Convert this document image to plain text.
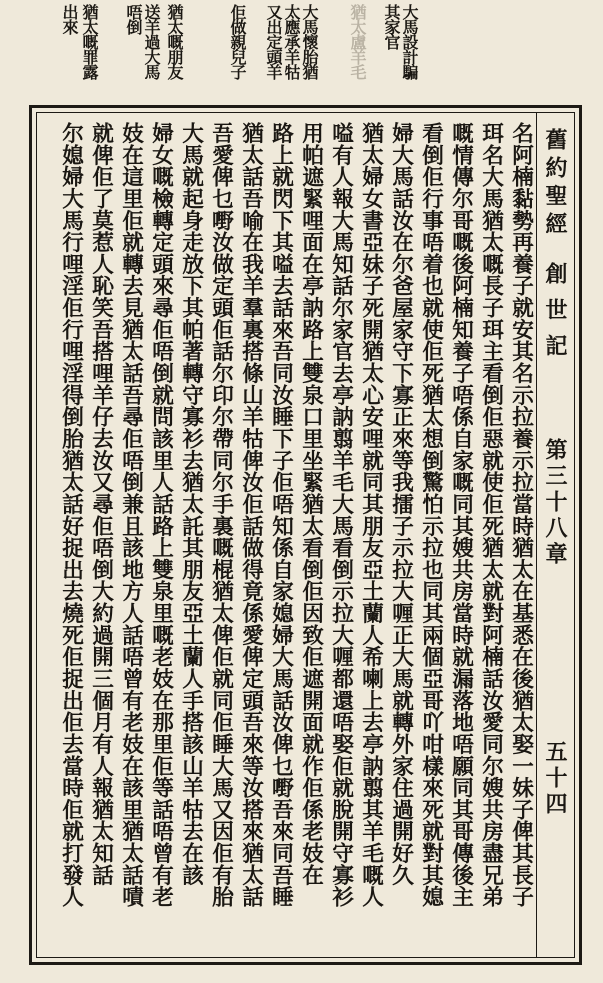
大馬設計騙
其家官
猶太盧羊毛
大馬懷胎猶
太應承羊牯
又出定頭羊
佢做親兒子
猶太嘅朋友
唔倒 送羊過大馬
猶太嘅罪露
出來
舊約聖經
創世記
第三十八章
五十四
名阿楠黏勢再養子就安其名示拉養示拉當時猶太在基悉在後猶太娶一妹子俾其長子
珥名大馬猶太嘅長子珥主看倒佢惡就使佢死猶太就對阿楠話汝愛同尔嫂共房盡兄弟
嘅情傳尔哥嘅後阿楠知養子唔係自家嘅同其嫂共房當時就漏落地唔願同其哥傳後主
看倒佢行事唔着也就使佢死猶太想倒驚怕示拉也同其兩個亞哥吖咁樣來死就對其媳
婦大馬話汝在尔爸屋家守下寡正來等我擂子示拉大喱正大馬就轉外家住過開好久
猶太婦女書亞妹子死開猶太心安哩就同其朋友亞土蘭人希喇上去亭訥翦其羊毛嘅人
嗌有人報大馬知話尔家官去亭訥翦羊毛大馬看倒示拉大喱都還唔娶佢就脫開守寡衫
用帕遮緊哩面在亭訥路上雙泉口里坐緊猶太看倒佢因致佢遮開面就作佢係老妓在
路上就閃下其嗌去話來吾同汝睡下子佢唔知係自家媳婦大馬話汝俾乜嘢吾來同吾睡
猶太話吾喻在我羊羣裏搭條山羊牯俾汝佢話做得竟係愛俾定頭吾來等汝搭來猶太話
吾愛俾乜嘢汝做定頭佢話尔印尔帶同尔手裏嘅棍猶太俾佢就同佢睡大馬又因佢有胎
大馬就起身走放下其帕著轉守寡衫去猶太託其朋友亞土蘭人手搭該山羊牯去在該
婦女嘅檢轉定頭來尋佢唔倒就問該里人話路上雙泉里嘅老妓在那里佢等話唔曾有老
妓在這里佢就轉去見猶太話吾尋佢唔倒兼且該地方人話唔曾有老妓在該里猶太話嘖
就俾佢了莫惹人恥笑吾搭哩羊仔去汝又尋佢唔倒大約過開三個月有人報猶太知話
尔媳婦大馬行哩淫佢行哩淫得倒胎猶太話好捉出去燒死佢捉出佢去當時佢就打發人
